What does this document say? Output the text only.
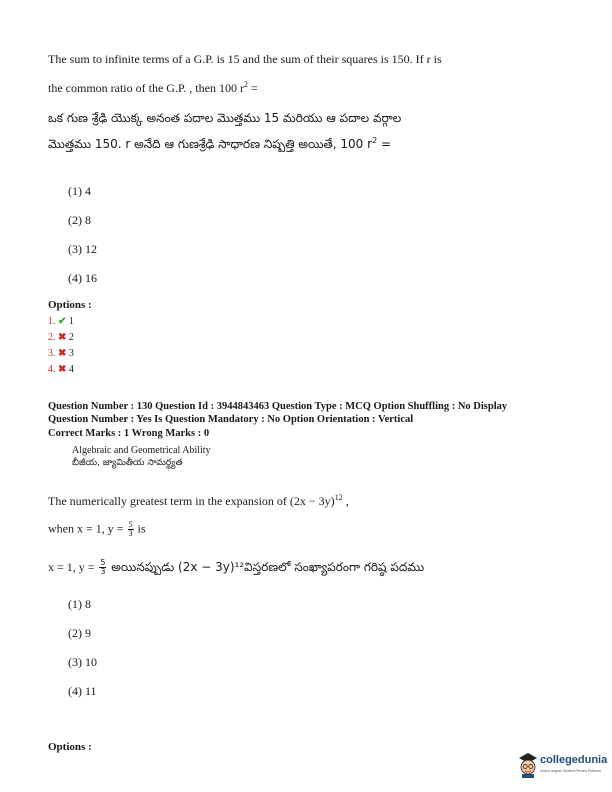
The sum to infinite terms of a G.P. is 15 and the sum of their squares is 150. If r is
the common ratio of the G.P. , then 100 $r^2$ =
ఒక గుణ శ్రేఢి యొక్క అనంత పదాల మొత్తము 15 మరియు ఆ పదాల వర్గాల
మొత్తము 150. r అనేది ఆ గుణశ్రేఢి సాధారణ నిష్పత్తి అయితే, 100 $r^2$ =
(1) 4
(2) 8
(3) 12
(4) 16
Options :
1. ✔ 1
2. ✖ 2
3. ✖ 3
4. ✖ 4
Question Number : 130 Question Id : 3944843463 Question Type : MCQ Option Shuffling : No Display
Question Number : Yes Is Question Mandatory : No Option Orientation : Vertical
Correct Marks : 1 Wrong Marks : 0
Algebraic and Geometrical Ability
బీజీయ, జ్యామితీయ సామర్థ్యత
The numerically greatest term in the expansion of $(2x - 3y)^{12}$ ,
when x = 1, $y = \frac{5}{3}$ is
x = 1, $y = \frac{5}{3}$ అయినప్పుడు (2x − 3y)¹²విస్తరణలో సంఖ్యాపరంగా గరిష్ఠ పదము
(1) 8
(2) 9
(3) 10
(4) 11
Options :
collegedunia
India's largest Student Review Platform
